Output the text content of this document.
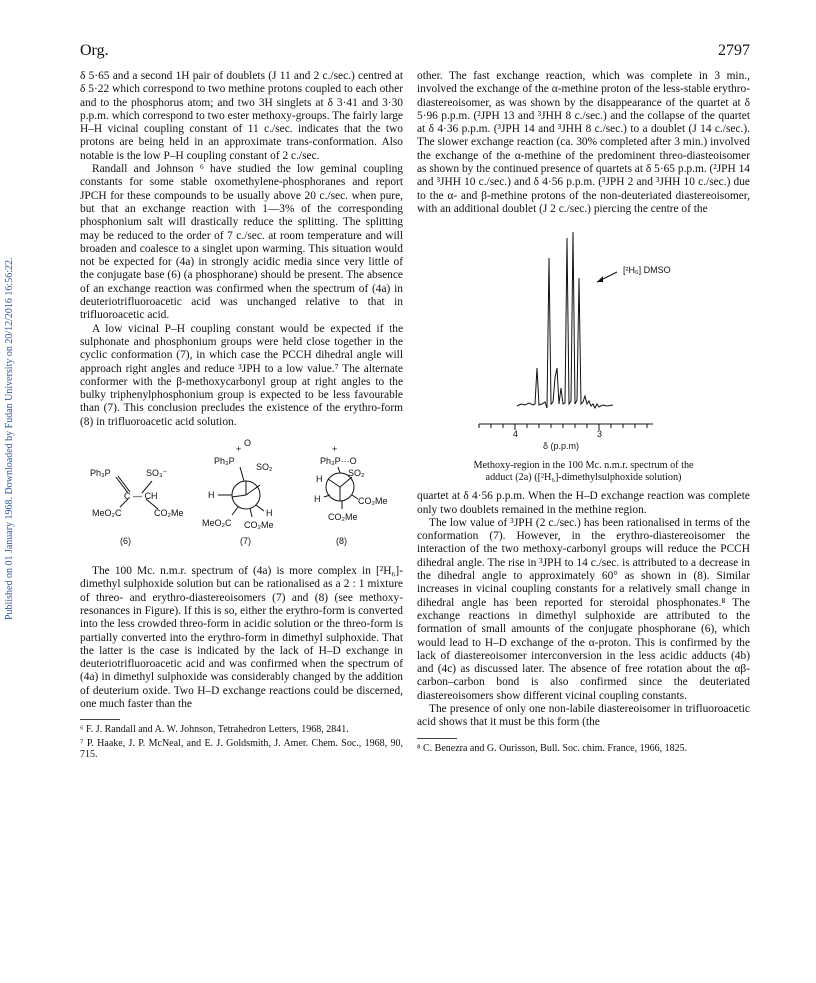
Published on 01 January 1968. Downloaded by Fudan University on 20/12/2016 16:56:22.
Org.	2797

δ 5·65 and a second 1H pair of doublets (J 11 and 2 c./sec.) centred at δ 5·22 which correspond to two methine protons coupled to each other and to the phosphorus atom; and two 3H singlets at δ 3·41 and 3·30 p.p.m. which correspond to two ester methoxy-groups. The fairly large H–H vicinal coupling constant of 11 c./sec. indicates that the two protons are being held in an approximate trans-conformation. Also notable is the low P–H coupling constant of 2 c./sec.

Randall and Johnson ⁶ have studied the low geminal coupling constants for some stable oxomethylene-phosphoranes and report JPCH for these compounds to be usually above 20 c./sec. when pure, but that an exchange reaction with 1—3% of the corresponding phosphonium salt will drastically reduce the splitting. The splitting may be reduced to the order of 7 c./sec. at room temperature and will broaden and coalesce to a singlet upon warming. This situation would not be expected for (4a) in strongly acidic media since very little of the conjugate base (6) (a phosphorane) should be present. The absence of an exchange reaction was confirmed when the spectrum of (4a) in deuteriotrifluoroacetic acid was unchanged relative to that in trifluoroacetic acid.

A low vicinal P–H coupling constant would be expected if the sulphonate and phosphonium groups were held close together in the cyclic conformation (7), in which case the PCCH dihedral angle will approach right angles and reduce ³JPH to a low value.⁷ The alternate conformer with the β-methoxycarbonyl group at right angles to the bulky triphenylphosphonium group is expected to be less favourable than (7). This conclusion precludes the existence of the erythro-form (8) in trifluoroacetic acid solution.

Ph₃P	SO₃⁻
C — CH
MeO₂C	CO₂Me
(6)
+
O
Ph₃P
SO₂
H
H
MeO₂C CO₂Me
(7)
+
Ph₃P···O
SO₂
H
H	CO₂Me
CO₂Me
(8)

The 100 Mc. n.m.r. spectrum of (4a) is more complex in [²H₆]-dimethyl sulphoxide solution but can be rationalised as a 2 : 1 mixture of threo- and erythro-diastereoisomers (7) and (8) (see methoxy-resonances in Figure). If this is so, either the erythro-form is converted into the less crowded threo-form in acidic solution or the threo-form is partially converted into the erythro-form in dimethyl sulphoxide. That the latter is the case is indicated by the lack of H–D exchange in deuteriotrifluoroacetic acid and was confirmed when the spectrum of (4a) in dimethyl sulphoxide was considerably changed by the addition of deuterium oxide. Two H–D exchange reactions could be discerned, one much faster than the

⁶ F. J. Randall and A. W. Johnson, Tetrahedron Letters, 1968, 2841.

⁷ P. Haake, J. P. McNeal, and E. J. Goldsmith, J. Amer. Chem. Soc., 1968, 90, 715.

other. The fast exchange reaction, which was complete in 3 min., involved the exchange of the α-methine proton of the less-stable erythro-diastereoisomer, as was shown by the disappearance of the quartet at δ 5·96 p.p.m. (²JPH 13 and ³JHH 8 c./sec.) and the collapse of the quartet at δ 4·36 p.p.m. (³JPH 14 and ³JHH 8 c./sec.) to a doublet (J 14 c./sec.). The slower exchange reaction (ca. 30% completed after 3 min.) involved the exchange of the α-methine of the predominent threo-diasteoisomer as shown by the continued presence of quartets at δ 5·65 p.p.m. (²JPH 14 and ³JHH 10 c./sec.) and δ 4·56 p.p.m. (³JPH 2 and ³JHH 10 c./sec.) due to the α- and β-methine protons of the non-deuteriated diastereoisomer, with an additional doublet (J 2 c./sec.) piercing the centre of the

[²H₆] DMSO
4	3
δ (p.p.m)
Methoxy-region in the 100 Mc. n.m.r. spectrum of the
adduct (2a) ([²H₆]-dimethylsulphoxide solution)

quartet at δ 4·56 p.p.m. When the H–D exchange reaction was complete only two doublets remained in the methine region.

The low value of ³JPH (2 c./sec.) has been rationalised in terms of the conformation (7). However, in the erythro-diastereoisomer the interaction of the two methoxy-carbonyl groups will reduce the PCCH dihedral angle. The rise in ³JPH to 14 c./sec. is attributed to a decrease in the dihedral angle to approximately 60° as shown in (8). Similar increases in vicinal coupling constants for a relatively small change in dihedral angle has been reported for steroidal phosphonates.⁸ The exchange reactions in dimethyl sulphoxide are attributed to the formation of small amounts of the conjugate phosphorane (6), which would lead to H–D exchange of the α-proton. This is confirmed by the lack of diastereoisomer interconversion in the less acidic adducts (4b) and (4c) as discussed later. The absence of free rotation about the αβ-carbon–carbon bond is also confirmed since the deuteriated diastereoisomers show different vicinal coupling constants.

The presence of only one non-labile diastereoisomer in trifluoroacetic acid shows that it must be this form (the

⁸ C. Benezra and G. Ourisson, Bull. Soc. chim. France, 1966, 1825.
